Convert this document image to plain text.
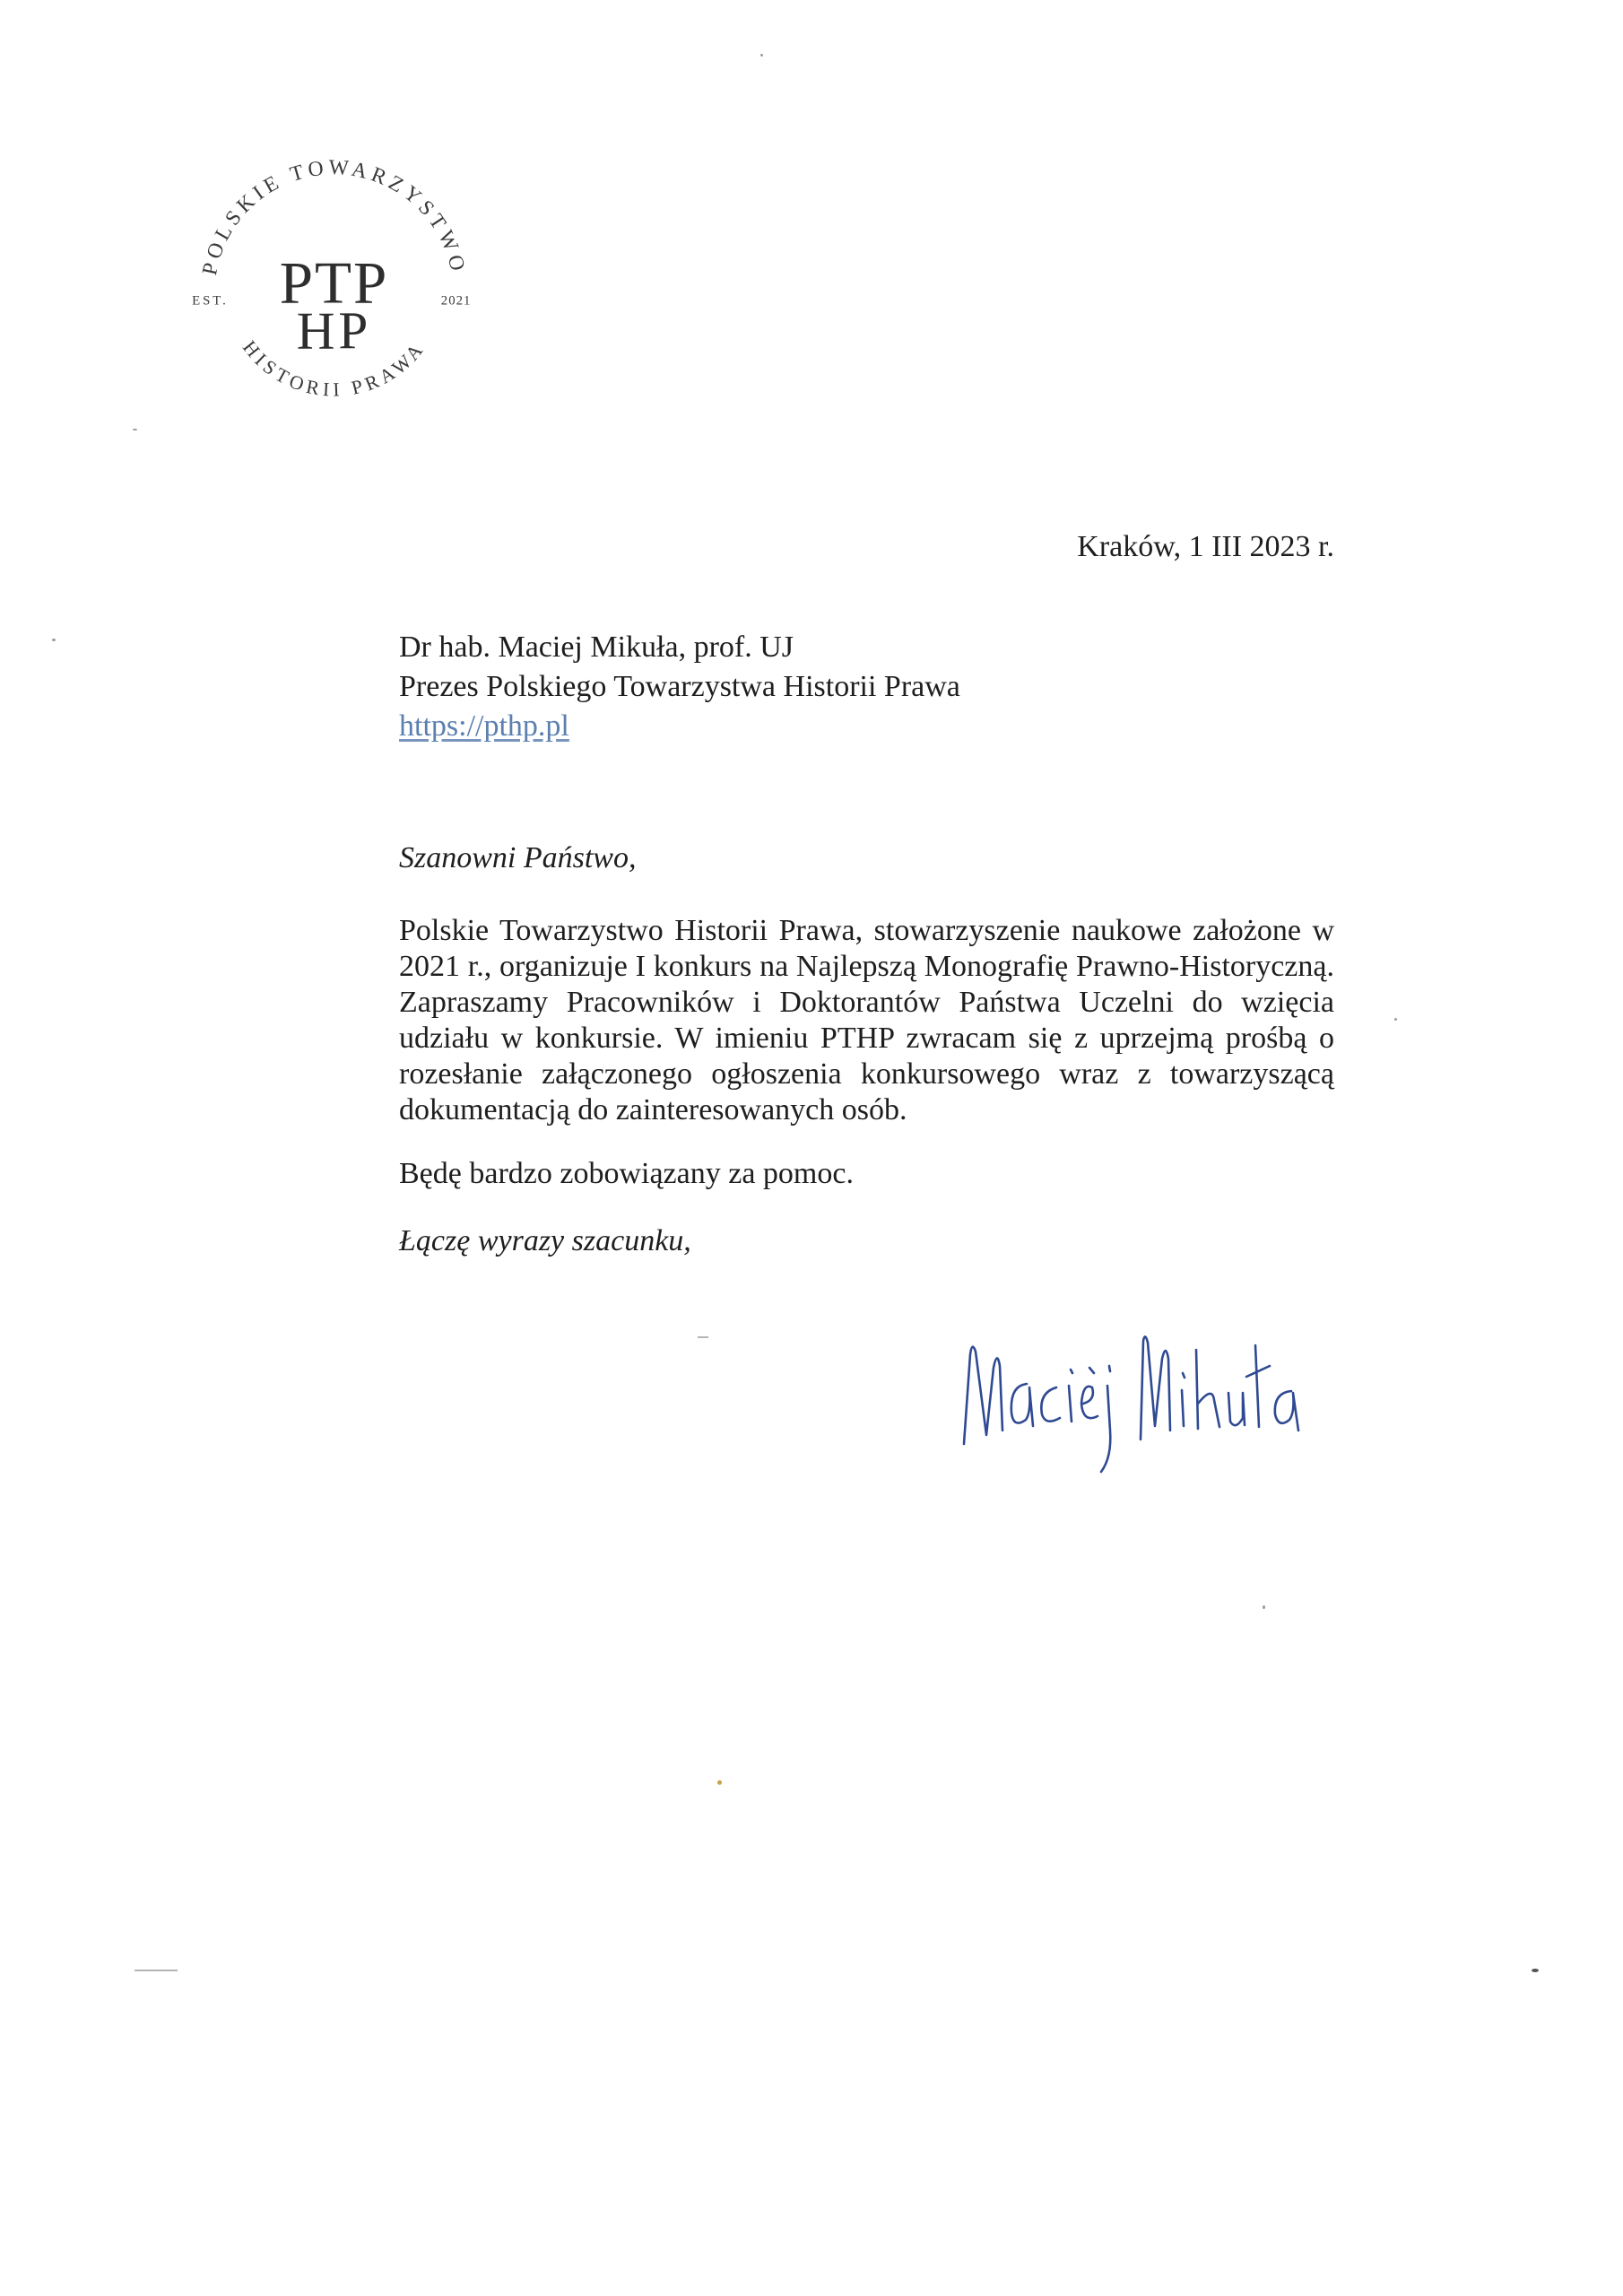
POLSKIE TOWARZYSTWO
HISTORII PRAWA
PTP
HP
EST.	2021
Kraków, 1 III 2023 r.
Dr hab. Maciej Mikuła, prof. UJ
Prezes Polskiego Towarzystwa Historii Prawa
https://pthp.pl
Szanowni Państwo,
Polskie Towarzystwo Historii Prawa, stowarzyszenie naukowe założone w 2021 r., organizuje I konkurs na Najlepszą Monografię Prawno-Historyczną. Zapraszamy Pracowników i Doktorantów Państwa Uczelni do wzięcia udziału w konkursie. W imieniu PTHP zwracam się z uprzejmą prośbą o rozesłanie załączonego ogłoszenia konkursowego wraz z towarzyszącą dokumentacją do zainteresowanych osób.
Będę bardzo zobowiązany za pomoc.
Łączę wyrazy szacunku,
